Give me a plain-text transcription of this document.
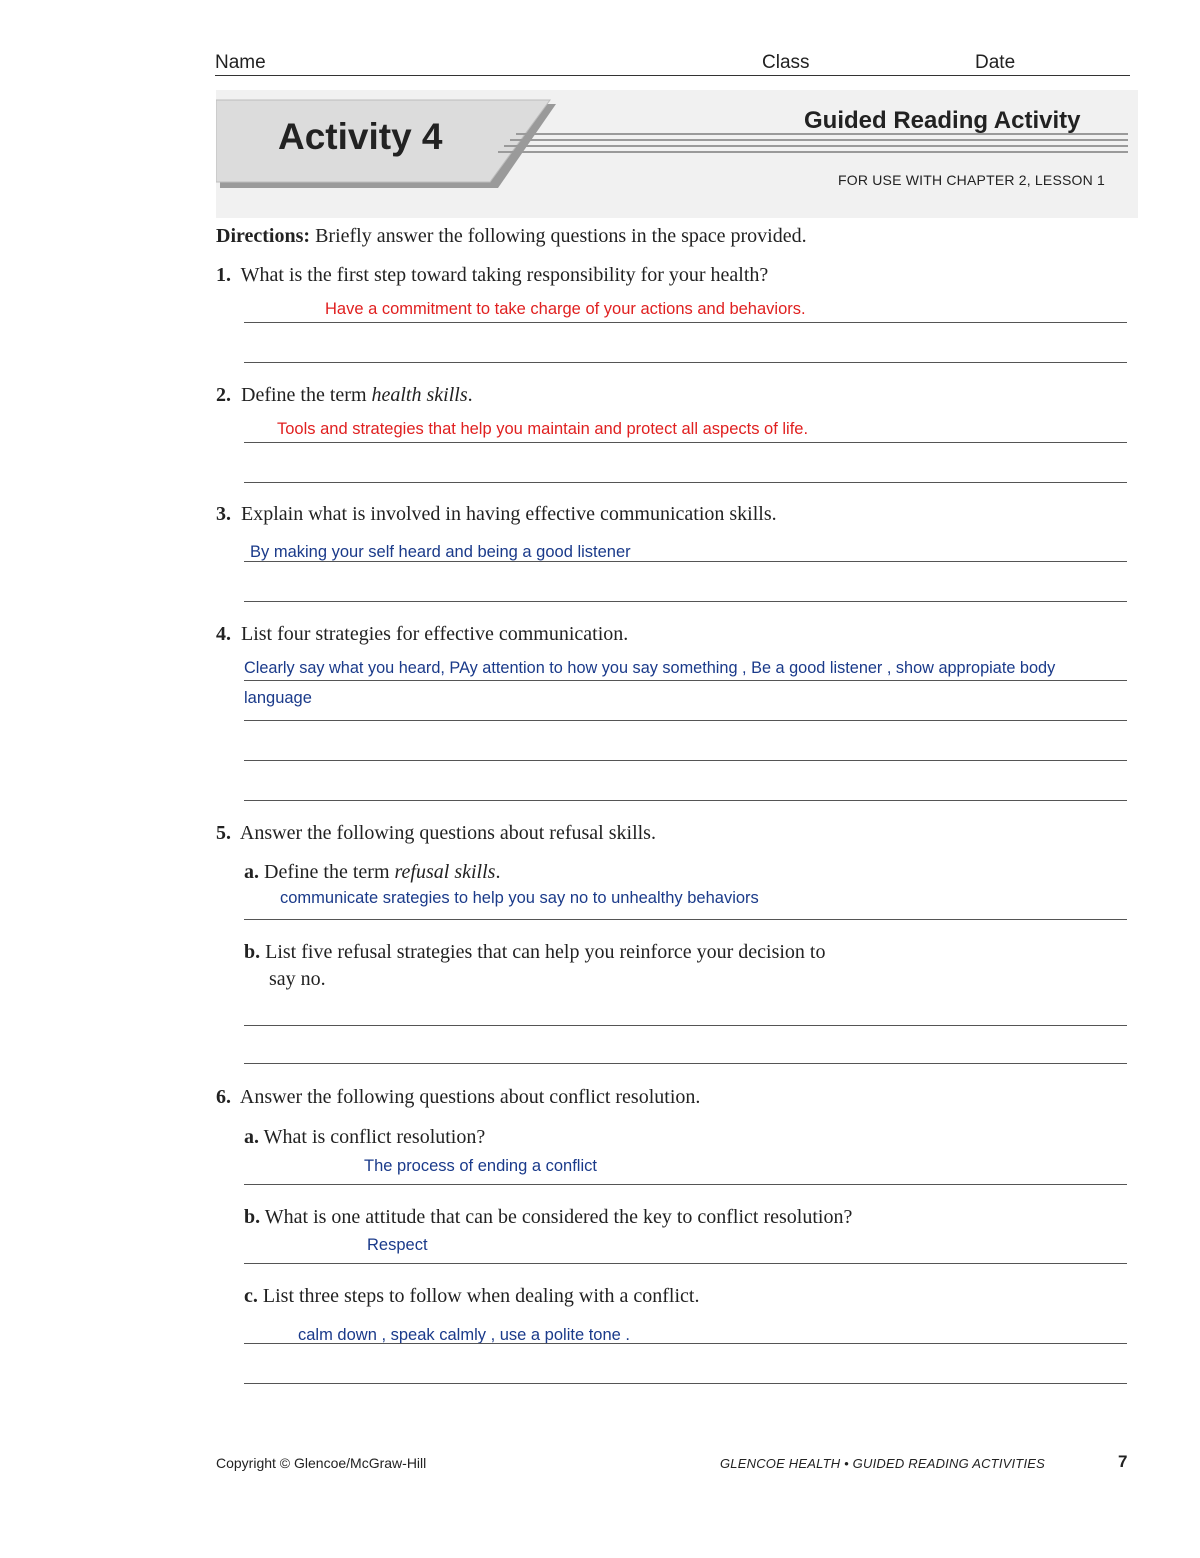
Name	Class	Date
Activity 4	Guided Reading Activity
FOR USE WITH CHAPTER 2, LESSON 1
Directions: Briefly answer the following questions in the space provided.
1. What is the first step toward taking responsibility for your health?
Have a commitment to take charge of your actions and behaviors.
2. Define the term health skills.
Tools and strategies that help you maintain and protect all aspects of life.
3. Explain what is involved in having effective communication skills.
By making your self heard and being a good listener
4. List four strategies for effective communication.
Clearly say what you heard, PAy attention to how you say something , Be a good listener , show appropiate body
language
5. Answer the following questions about refusal skills.
a. Define the term refusal skills.
communicate srategies to help you say no to unhealthy behaviors
b. List five refusal strategies that can help you reinforce your decision to
say no.
6. Answer the following questions about conflict resolution.
a. What is conflict resolution?
The process of ending a conflict
b. What is one attitude that can be considered the key to conflict resolution?
Respect
c. List three steps to follow when dealing with a conflict.
calm down , speak calmly , use a polite tone .
Copyright © Glencoe/McGraw-Hill	GLENCOE HEALTH • GUIDED READING ACTIVITIES	7
